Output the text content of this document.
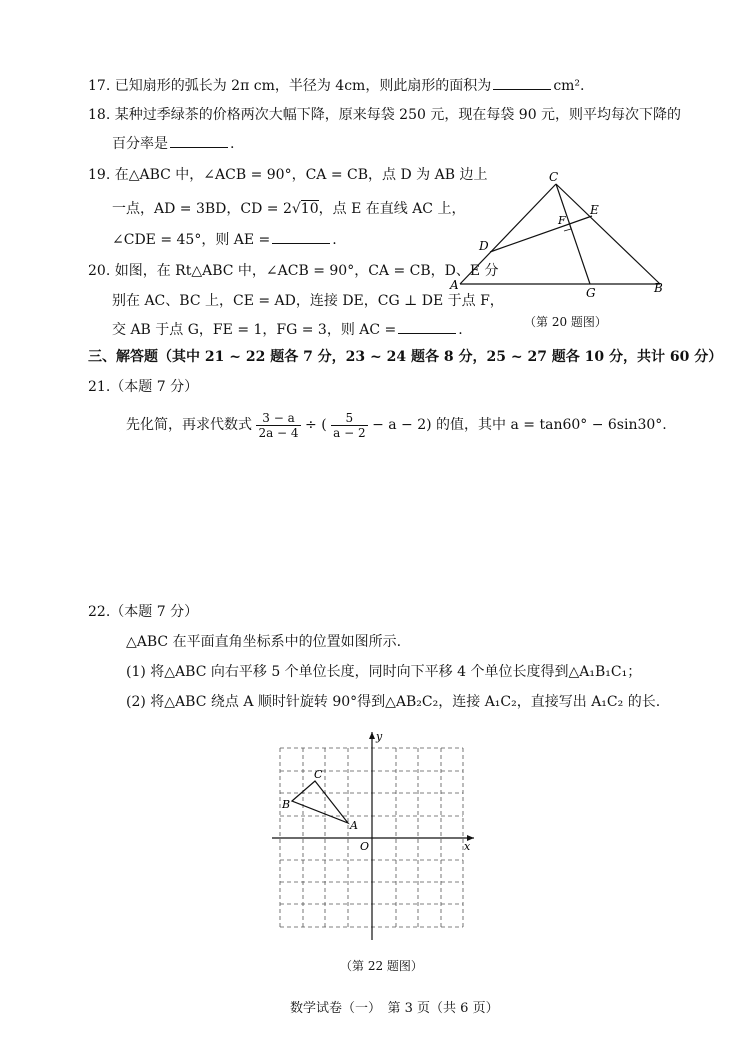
17. 已知扇形的弧长为 2π cm，半径为 4cm，则此扇形的面积为	cm².
18. 某种过季绿茶的价格两次大幅下降，原来每袋 250 元，现在每袋 90 元，则平均每次下降的
百分率是	.
19. 在△ABC 中，∠ACB = 90°，CA = CB，点 D 为 AB 边上
一点，AD = 3BD，CD = 2√10，点 E 在直线 AC 上，
∠CDE = 45°，则 AE =	.
20. 如图，在 Rt△ABC 中，∠ACB = 90°，CA = CB，D、E 分
别在 AC、BC 上，CE = AD，连接 DE，CG ⊥ DE 于点 F，
交 AB 于点 G，FE = 1，FG = 3，则 AC =	.
A	B
C
D
E
F
G
（第 20 题图）
三、解答题（其中 21 ~ 22 题各 7 分，23 ~ 24 题各 8 分，25 ~ 27 题各 10 分，共计 60 分）
21.（本题 7 分）
先化简，再求代数式 $\frac{3 - a}{2a - 4}$ ÷ ( $\frac{5}{a - 2} - a - 2$) 的值，其中 a = tan60° − 6sin30°.
22.（本题 7 分）
△ABC 在平面直角坐标系中的位置如图所示.
(1) 将△ABC 向右平移 5 个单位长度，同时向下平移 4 个单位长度得到△A₁B₁C₁；
(2) 将△ABC 绕点 A 顺时针旋转 90°得到△AB₂C₂，连接 A₁C₂，直接写出 A₁C₂ 的长.
x
y
O
A
B
C
（第 22 题图）
数学试卷（一）　第 3 页（共 6 页）
